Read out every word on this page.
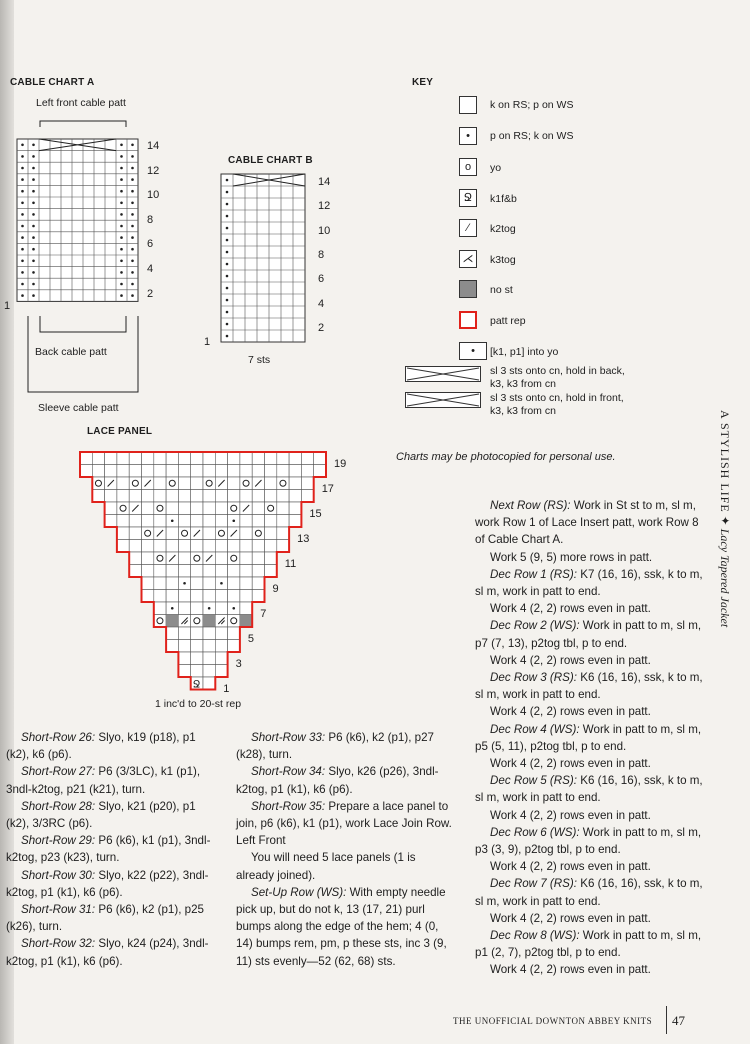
CABLE CHART A
Left front cable patt
14
12
10
8
6
4
2
1
Back cable patt
Sleeve cable patt
CABLE CHART B
14
12
10
8
6
4
2
1
7 sts
KEY
k on RS; p on WS
•	p on RS; k on WS
o	yo
Ջ	k1f&b
⁄	k2tog
⋌	k3tog
no st
patt rep
•	[k1, p1] into yo
sl 3 sts onto cn, hold in back, k3, k3 from cn
sl 3 sts onto cn, hold in front, k3, k3 from cn
LACE PANEL
Ջ
19
17
15
13
11
9
7
5
3
1
1 inc'd to 20-st rep
Charts may be photocopied for personal use.

Short-Row 26: Slyo, k19 (p18), p1 (k2), k6 (p6).

Short-Row 27: P6 (3/3LC), k1 (p1), 3ndl-k2tog, p21 (k21), turn.

Short-Row 28: Slyo, k21 (p20), p1 (k2), 3/3RC (p6).

Short-Row 29: P6 (k6), k1 (p1), 3ndl-k2tog, p23 (k23), turn.

Short-Row 30: Slyo, k22 (p22), 3ndl-k2tog, p1 (k1), k6 (p6).

Short-Row 31: P6 (k6), k2 (p1), p25 (k26), turn.

Short-Row 32: Slyo, k24 (p24), 3ndl-k2tog, p1 (k1), k6 (p6).

Short-Row 33: P6 (k6), k2 (p1), p27 (k28), turn.

Short-Row 34: Slyo, k26 (p26), 3ndl-k2tog, p1 (k1), k6 (p6).

Short-Row 35: Prepare a lace panel to join, p6 (k6), k1 (p1), work Lace Join Row.

Left Front

You will need 5 lace panels (1 is already joined).

Set-Up Row (WS): With empty needle pick up, but do not k, 13 (17, 21) purl bumps along the edge of the hem; 4 (0, 14) bumps rem, pm, p these sts, inc 3 (9, 11) sts evenly—52 (62, 68) sts.

Next Row (RS): Work in St st to m, sl m, work Row 1 of Lace Insert patt, work Row 8 of Cable Chart A.

Work 5 (9, 5) more rows in patt.

Dec Row 1 (RS): K7 (16, 16), ssk, k to m, sl m, work in patt to end.

Work 4 (2, 2) rows even in patt.

Dec Row 2 (WS): Work in patt to m, sl m, p7 (7, 13), p2tog tbl, p to end.

Work 4 (2, 2) rows even in patt.

Dec Row 3 (RS): K6 (16, 16), ssk, k to m, sl m, work in patt to end.

Work 4 (2, 2) rows even in patt.

Dec Row 4 (WS): Work in patt to m, sl m, p5 (5, 11), p2tog tbl, p to end.

Work 4 (2, 2) rows even in patt.

Dec Row 5 (RS): K6 (16, 16), ssk, k to m, sl m, work in patt to end.

Work 4 (2, 2) rows even in patt.

Dec Row 6 (WS): Work in patt to m, sl m, p3 (3, 9), p2tog tbl, p to end.

Work 4 (2, 2) rows even in patt.

Dec Row 7 (RS): K6 (16, 16), ssk, k to m, sl m, work in patt to end.

Work 4 (2, 2) rows even in patt.

Dec Row 8 (WS): Work in patt to m, sl m, p1 (2, 7), p2tog tbl, p to end.

Work 4 (2, 2) rows even in patt.

A STYLISH LIFE ✦ Lacy Tapered Jacket
THE UNOFFICIAL DOWNTON ABBEY KNITS 47
